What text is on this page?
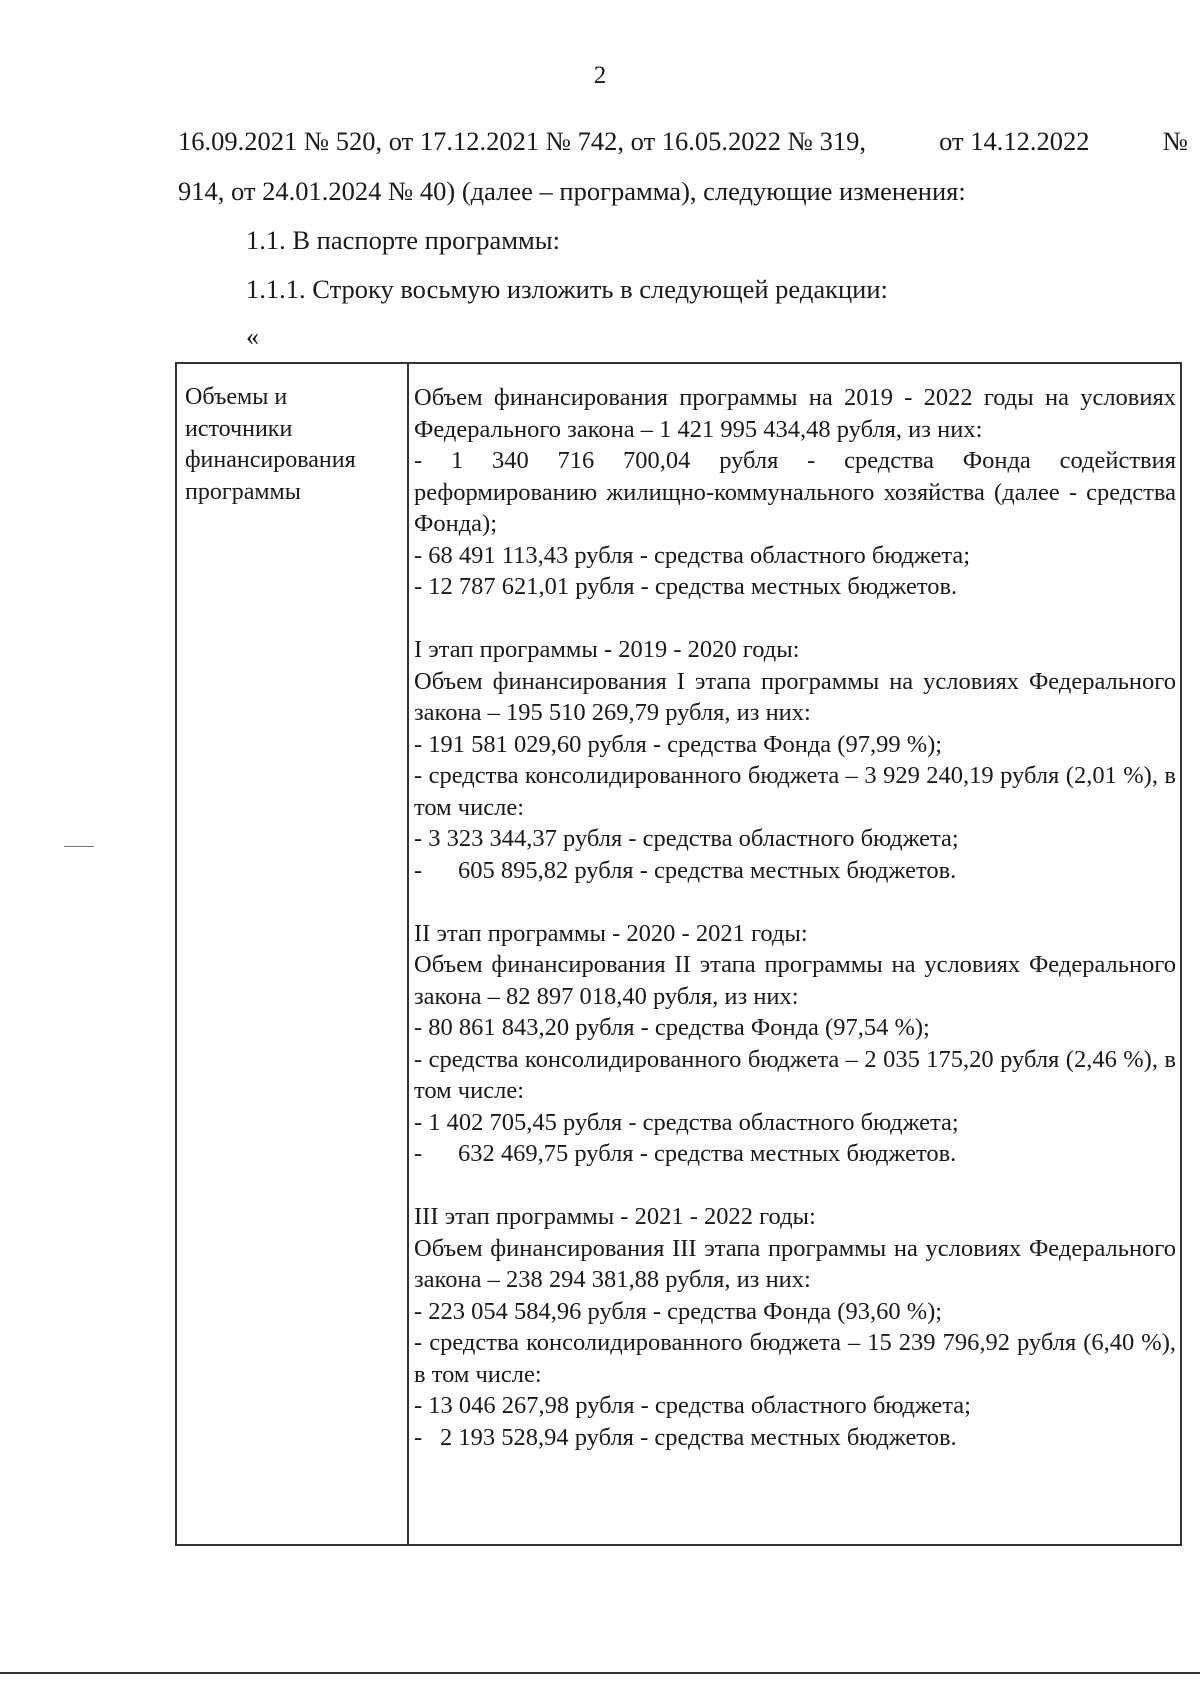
2
16.09.2021 № 520, от 17.12.2021 № 742, от 16.05.2022 № 319,	от 14.12.2022	№
914, от 24.01.2024 № 40) (далее – программа), следующие изменения:
1.1. В паспорте программы:
1.1.1. Строку восьмую изложить в следующей редакции:
«
Объемы и
источники
финансирования
программы
Объем финансирования программы на 2019 - 2022 годы на условиях Федерального закона – 1 421 995 434,48 рубля, из них:
- 1 340 716 700,04 рубля - средства Фонда содействия
реформированию жилищно-коммунального хозяйства (далее - средства Фонда);
- 68 491 113,43 рубля - средства областного бюджета;
- 12 787 621,01 рубля - средства местных бюджетов.
I этап программы - 2019 - 2020 годы:
Объем финансирования I этапа программы на условиях Федерального закона – 195 510 269,79 рубля, из них:
- 191 581 029,60 рубля - средства Фонда (97,99 %);
- средства консолидированного бюджета – 3 929 240,19 рубля (2,01 %), в том числе:
- 3 323 344,37 рубля - средства областного бюджета;
- 605 895,82 рубля - средства местных бюджетов.
II этап программы - 2020 - 2021 годы:
Объем финансирования II этапа программы на условиях Федерального закона – 82 897 018,40 рубля, из них:
- 80 861 843,20 рубля - средства Фонда (97,54 %);
- средства консолидированного бюджета – 2 035 175,20 рубля (2,46 %), в том числе:
- 1 402 705,45 рубля - средства областного бюджета;
- 632 469,75 рубля - средства местных бюджетов.
III этап программы - 2021 - 2022 годы:
Объем финансирования III этапа программы на условиях Федерального закона – 238 294 381,88 рубля, из них:
- 223 054 584,96 рубля - средства Фонда (93,60 %);
- средства консолидированного бюджета – 15 239 796,92 рубля (6,40 %), в том числе:
- 13 046 267,98 рубля - средства областного бюджета;
- 2 193 528,94 рубля - средства местных бюджетов.
